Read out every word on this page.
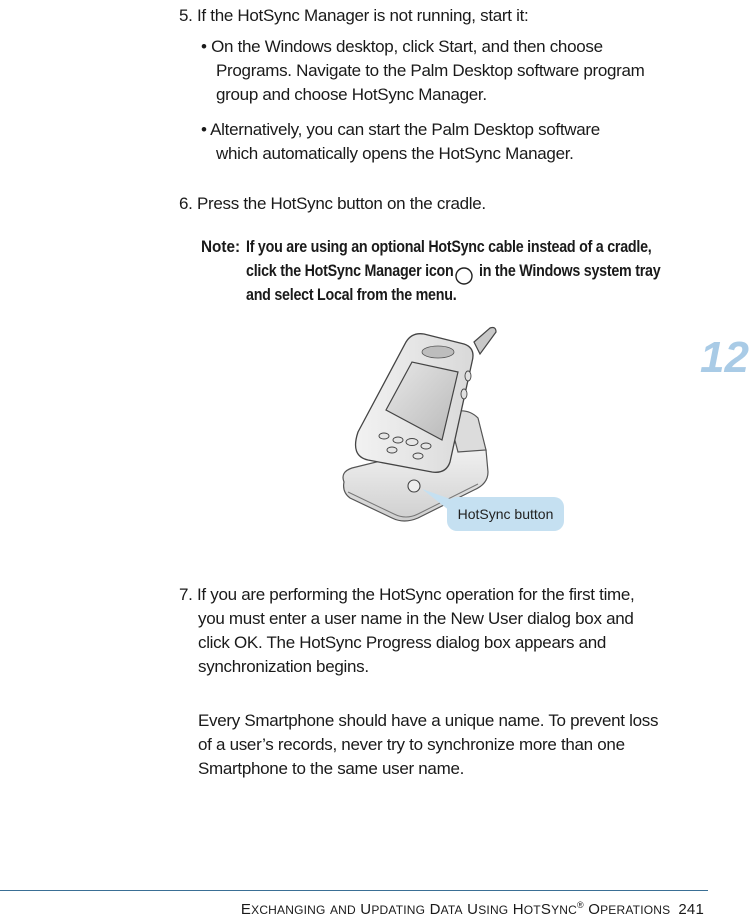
5. If the HotSync Manager is not running, start it:
• On the Windows desktop, click Start, and then choose
Programs. Navigate to the Palm Desktop software program
group and choose HotSync Manager.
• Alternatively, you can start the Palm Desktop software
which automatically opens the HotSync Manager.
6. Press the HotSync button on the cradle.
Note: If you are using an optional HotSync cable instead of a cradle,
click the HotSync Manager icon in the Windows system tray
and select Local from the menu.
12
HotSync button
7. If you are performing the HotSync operation for the first time,
you must enter a user name in the New User dialog box and
click OK. The HotSync Progress dialog box appears and
synchronization begins.
Every Smartphone should have a unique name. To prevent loss
of a user’s records, never try to synchronize more than one
Smartphone to the same user name.
EXCHANGING AND UPDATING DATA USING HOTSYNC® OPERATIONS 241
